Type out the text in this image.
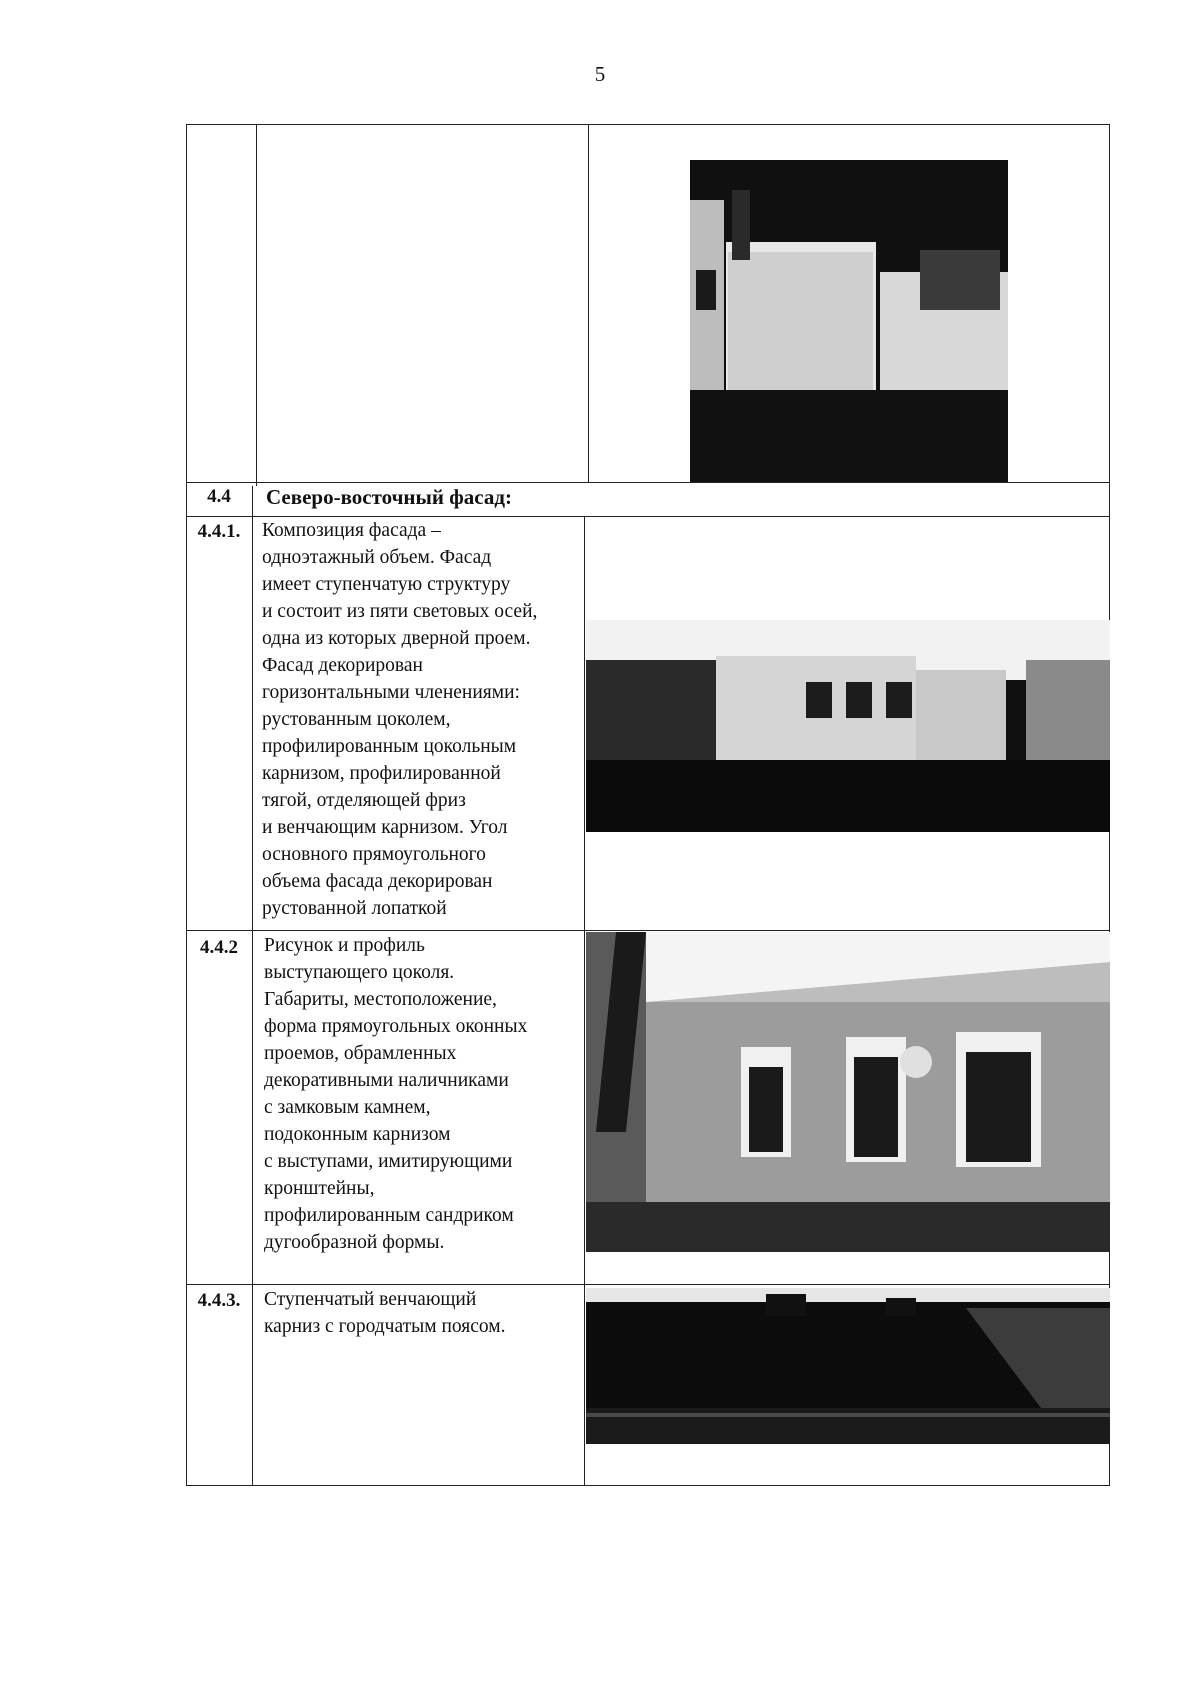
5
4.4	Северо-восточный фасад:
4.4.1.	Композиция фасада –
одноэтажный объем. Фасад
имеет ступенчатую структуру
и состоит из пяти световых осей,
одна из которых дверной проем.
Фасад декорирован
горизонтальными членениями:
рустованным цоколем,
профилированным цокольным
карнизом, профилированной
тягой, отделяющей фриз
и венчающим карнизом. Угол
основного прямоугольного
объема фасада декорирован
рустованной лопаткой
4.4.2	Рисунок и профиль
выступающего цоколя.
Габариты, местоположение,
форма прямоугольных оконных
проемов, обрамленных
декоративными наличниками
с замковым камнем,
подоконным карнизом
с выступами, имитирующими
кронштейны,
профилированным сандриком
дугообразной формы.
4.4.3.	Ступенчатый венчающий
карниз с городчатым поясом.
